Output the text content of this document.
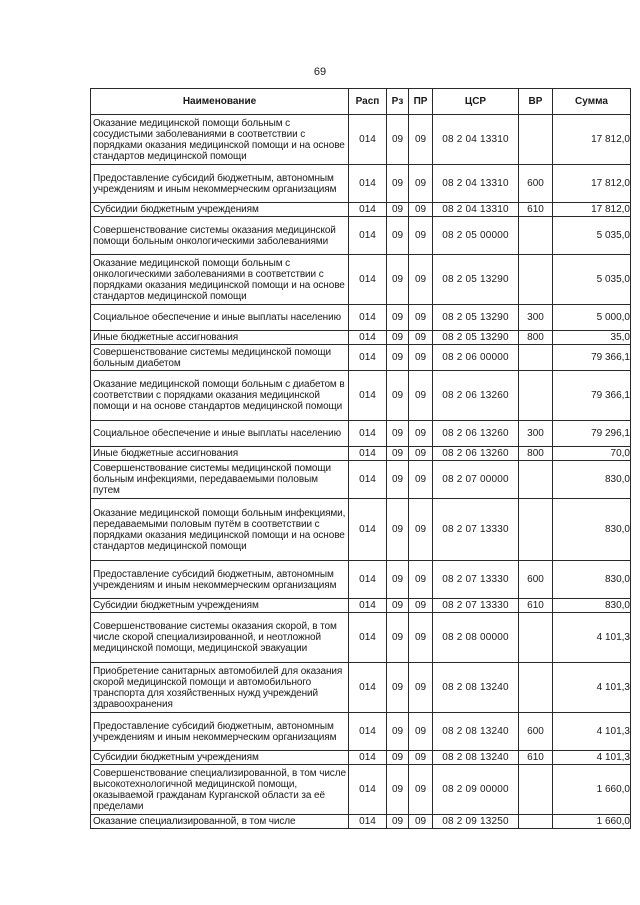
69
Наименование	Расп	Рз	ПР	ЦСР	ВР	Сумма
Оказание медицинской помощи больным с сосудистыми заболеваниями в соответствии с порядками оказания медицинской помощи и на основе стандартов медицинской помощи	014	09	09	08 2 04 13310		17 812,0
Предоставление субсидий бюджетным, автономным учреждениям и иным некоммерческим организациям	014	09	09	08 2 04 13310	600	17 812,0
Субсидии бюджетным учреждениям	014	09	09	08 2 04 13310	610	17 812,0
Совершенствование системы оказания медицинской помощи больным онкологическими заболеваниями	014	09	09	08 2 05 00000		5 035,0
Оказание медицинской помощи больным с онкологическими заболеваниями в соответствии с порядками оказания медицинской помощи и на основе стандартов медицинской помощи	014	09	09	08 2 05 13290		5 035,0
Социальное обеспечение и иные выплаты населению	014	09	09	08 2 05 13290	300	5 000,0
Иные бюджетные ассигнования	014	09	09	08 2 05 13290	800	35,0
Совершенствование системы медицинской помощи больным диабетом	014	09	09	08 2 06 00000		79 366,1
Оказание медицинской помощи больным с диабетом в соответствии с порядками оказания медицинской помощи и на основе стандартов медицинской помощи	014	09	09	08 2 06 13260		79 366,1
Социальное обеспечение и иные выплаты населению	014	09	09	08 2 06 13260	300	79 296,1
Иные бюджетные ассигнования	014	09	09	08 2 06 13260	800	70,0
Совершенствование системы медицинской помощи больным инфекциями, передаваемыми половым путем	014	09	09	08 2 07 00000		830,0
Оказание медицинской помощи больным инфекциями, передаваемыми половым путём в соответствии с порядками оказания медицинской помощи и на основе стандартов медицинской помощи	014	09	09	08 2 07 13330		830,0
Предоставление субсидий бюджетным, автономным учреждениям и иным некоммерческим организациям	014	09	09	08 2 07 13330	600	830,0
Субсидии бюджетным учреждениям	014	09	09	08 2 07 13330	610	830,0
Совершенствование системы оказания скорой, в том числе скорой специализированной, и неотложной медицинской помощи, медицинской эвакуации	014	09	09	08 2 08 00000		4 101,3
Приобретение санитарных автомобилей для оказания скорой медицинской помощи и автомобильного транспорта для хозяйственных нужд учреждений здравоохранения	014	09	09	08 2 08 13240		4 101,3
Предоставление субсидий бюджетным, автономным учреждениям и иным некоммерческим организациям	014	09	09	08 2 08 13240	600	4 101,3
Субсидии бюджетным учреждениям	014	09	09	08 2 08 13240	610	4 101,3
Совершенствование специализированной, в том числе высокотехнологичной медицинской помощи, оказываемой гражданам Курганской области за её пределами	014	09	09	08 2 09 00000		1 660,0
Оказание специализированной, в том числе	014	09	09	08 2 09 13250		1 660,0
